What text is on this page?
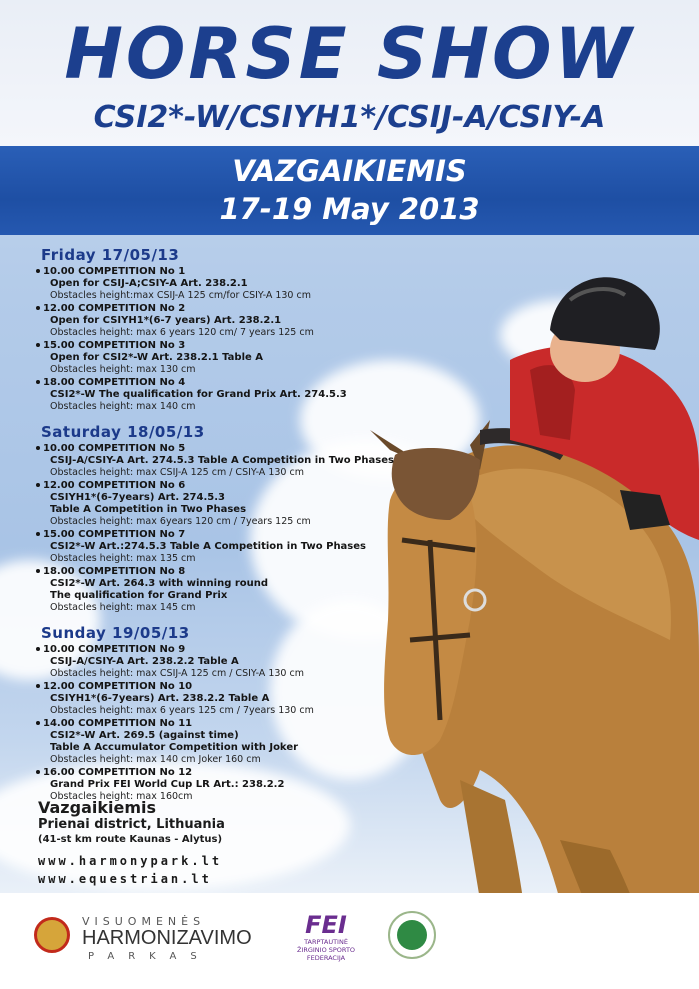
HORSE SHOW
CSI2*-W/CSIYH1*/CSIJ-A/CSIY-A
VAZGAIKIEMIS
17-19 May 2013
Friday 17/05/13
10.00 COMPETITION No 1
Open for CSIJ-A;CSIY-A Art. 238.2.1
Obstacles height:max CSIJ-A 125 cm/for CSIY-A 130 cm
12.00 COMPETITION No 2
Open for CSIYH1*(6-7 years) Art. 238.2.1
Obstacles height: max 6 years 120 cm/ 7 years 125 cm
15.00 COMPETITION No 3
Open for CSI2*-W Art. 238.2.1 Table A
Obstacles height: max 130 cm
18.00 COMPETITION No 4
CSI2*-W The qualification for Grand Prix Art. 274.5.3
Obstacles height: max 140 cm
Saturday 18/05/13
10.00 COMPETITION No 5
CSIJ-A/CSIY-A Art. 274.5.3 Table A Competition in Two Phases
Obstacles height: max CSIJ-A 125 cm / CSIY-A 130 cm
12.00 COMPETITION No 6
CSIYH1*(6-7years) Art. 274.5.3
Table A Competition in Two Phases
Obstacles height: max 6years 120 cm / 7years 125 cm
15.00 COMPETITION No 7
CSI2*-W Art.:274.5.3 Table A Competition in Two Phases
Obstacles height: max 135 cm
18.00 COMPETITION No 8
CSI2*-W Art. 264.3 with winning round
The qualification for Grand Prix
Obstacles height: max 145 cm
Sunday 19/05/13
10.00 COMPETITION No 9
CSIJ-A/CSIY-A Art. 238.2.2 Table A
Obstacles height: max CSIJ-A 125 cm / CSIY-A 130 cm
12.00 COMPETITION No 10
CSIYH1*(6-7years) Art. 238.2.2 Table A
Obstacles height: max 6 years 125 cm / 7years 130 cm
14.00 COMPETITION No 11
CSI2*-W Art. 269.5 (against time)
Table A Accumulator Competition with Joker
Obstacles height: max 140 cm Joker 160 cm
16.00 COMPETITION No 12
Grand Prix FEI World Cup LR Art.: 238.2.2
Obstacles height: max 160cm
Vazgaikiemis
Prienai district, Lithuania
(41-st km route Kaunas - Alytus)
www.harmonypark.lt
www.equestrian.lt
VISUOMENĖS
HARMONIZAVIMO
PARKAS
FEI
TARPTAUTINĖ
ŽIRGINIO SPORTO
FEDERACIJA
